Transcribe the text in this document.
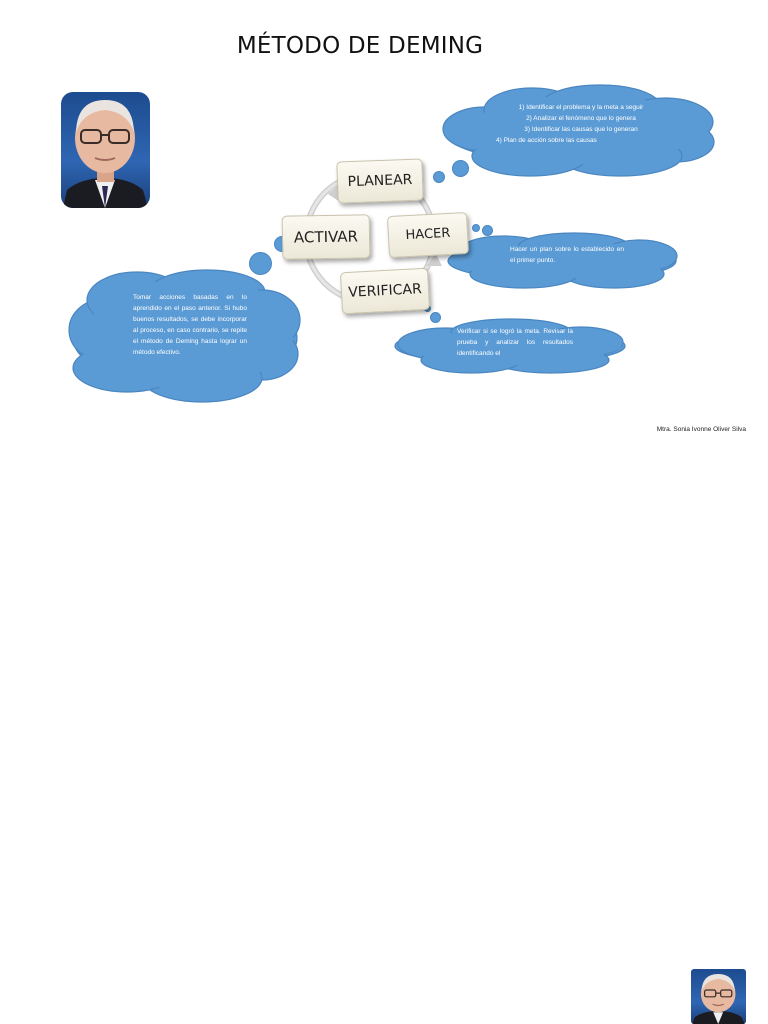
MÉTODO DE DEMING
1) Identificar el problema y la meta a seguir
2) Analizar el fenómeno que lo genera
3) Identificar las causas que lo generan
4) Plan de acción sobre las causas
Hacer un plan sobre lo establecido en el primer punto.
Verificar si se logró la meta. Revisar la prueba y analizar los resultados identificando el
Tomar acciones basadas en lo aprendido en el paso anterior. Si hubo buenos resultados, se debe incorporar al proceso, en caso contrario, se repite el método de Deming hasta lograr un método efectivo.
PLANEAR
HACER
VERIFICAR
ACTIVAR
Mtra. Sonia Ivonne Oliver Silva
